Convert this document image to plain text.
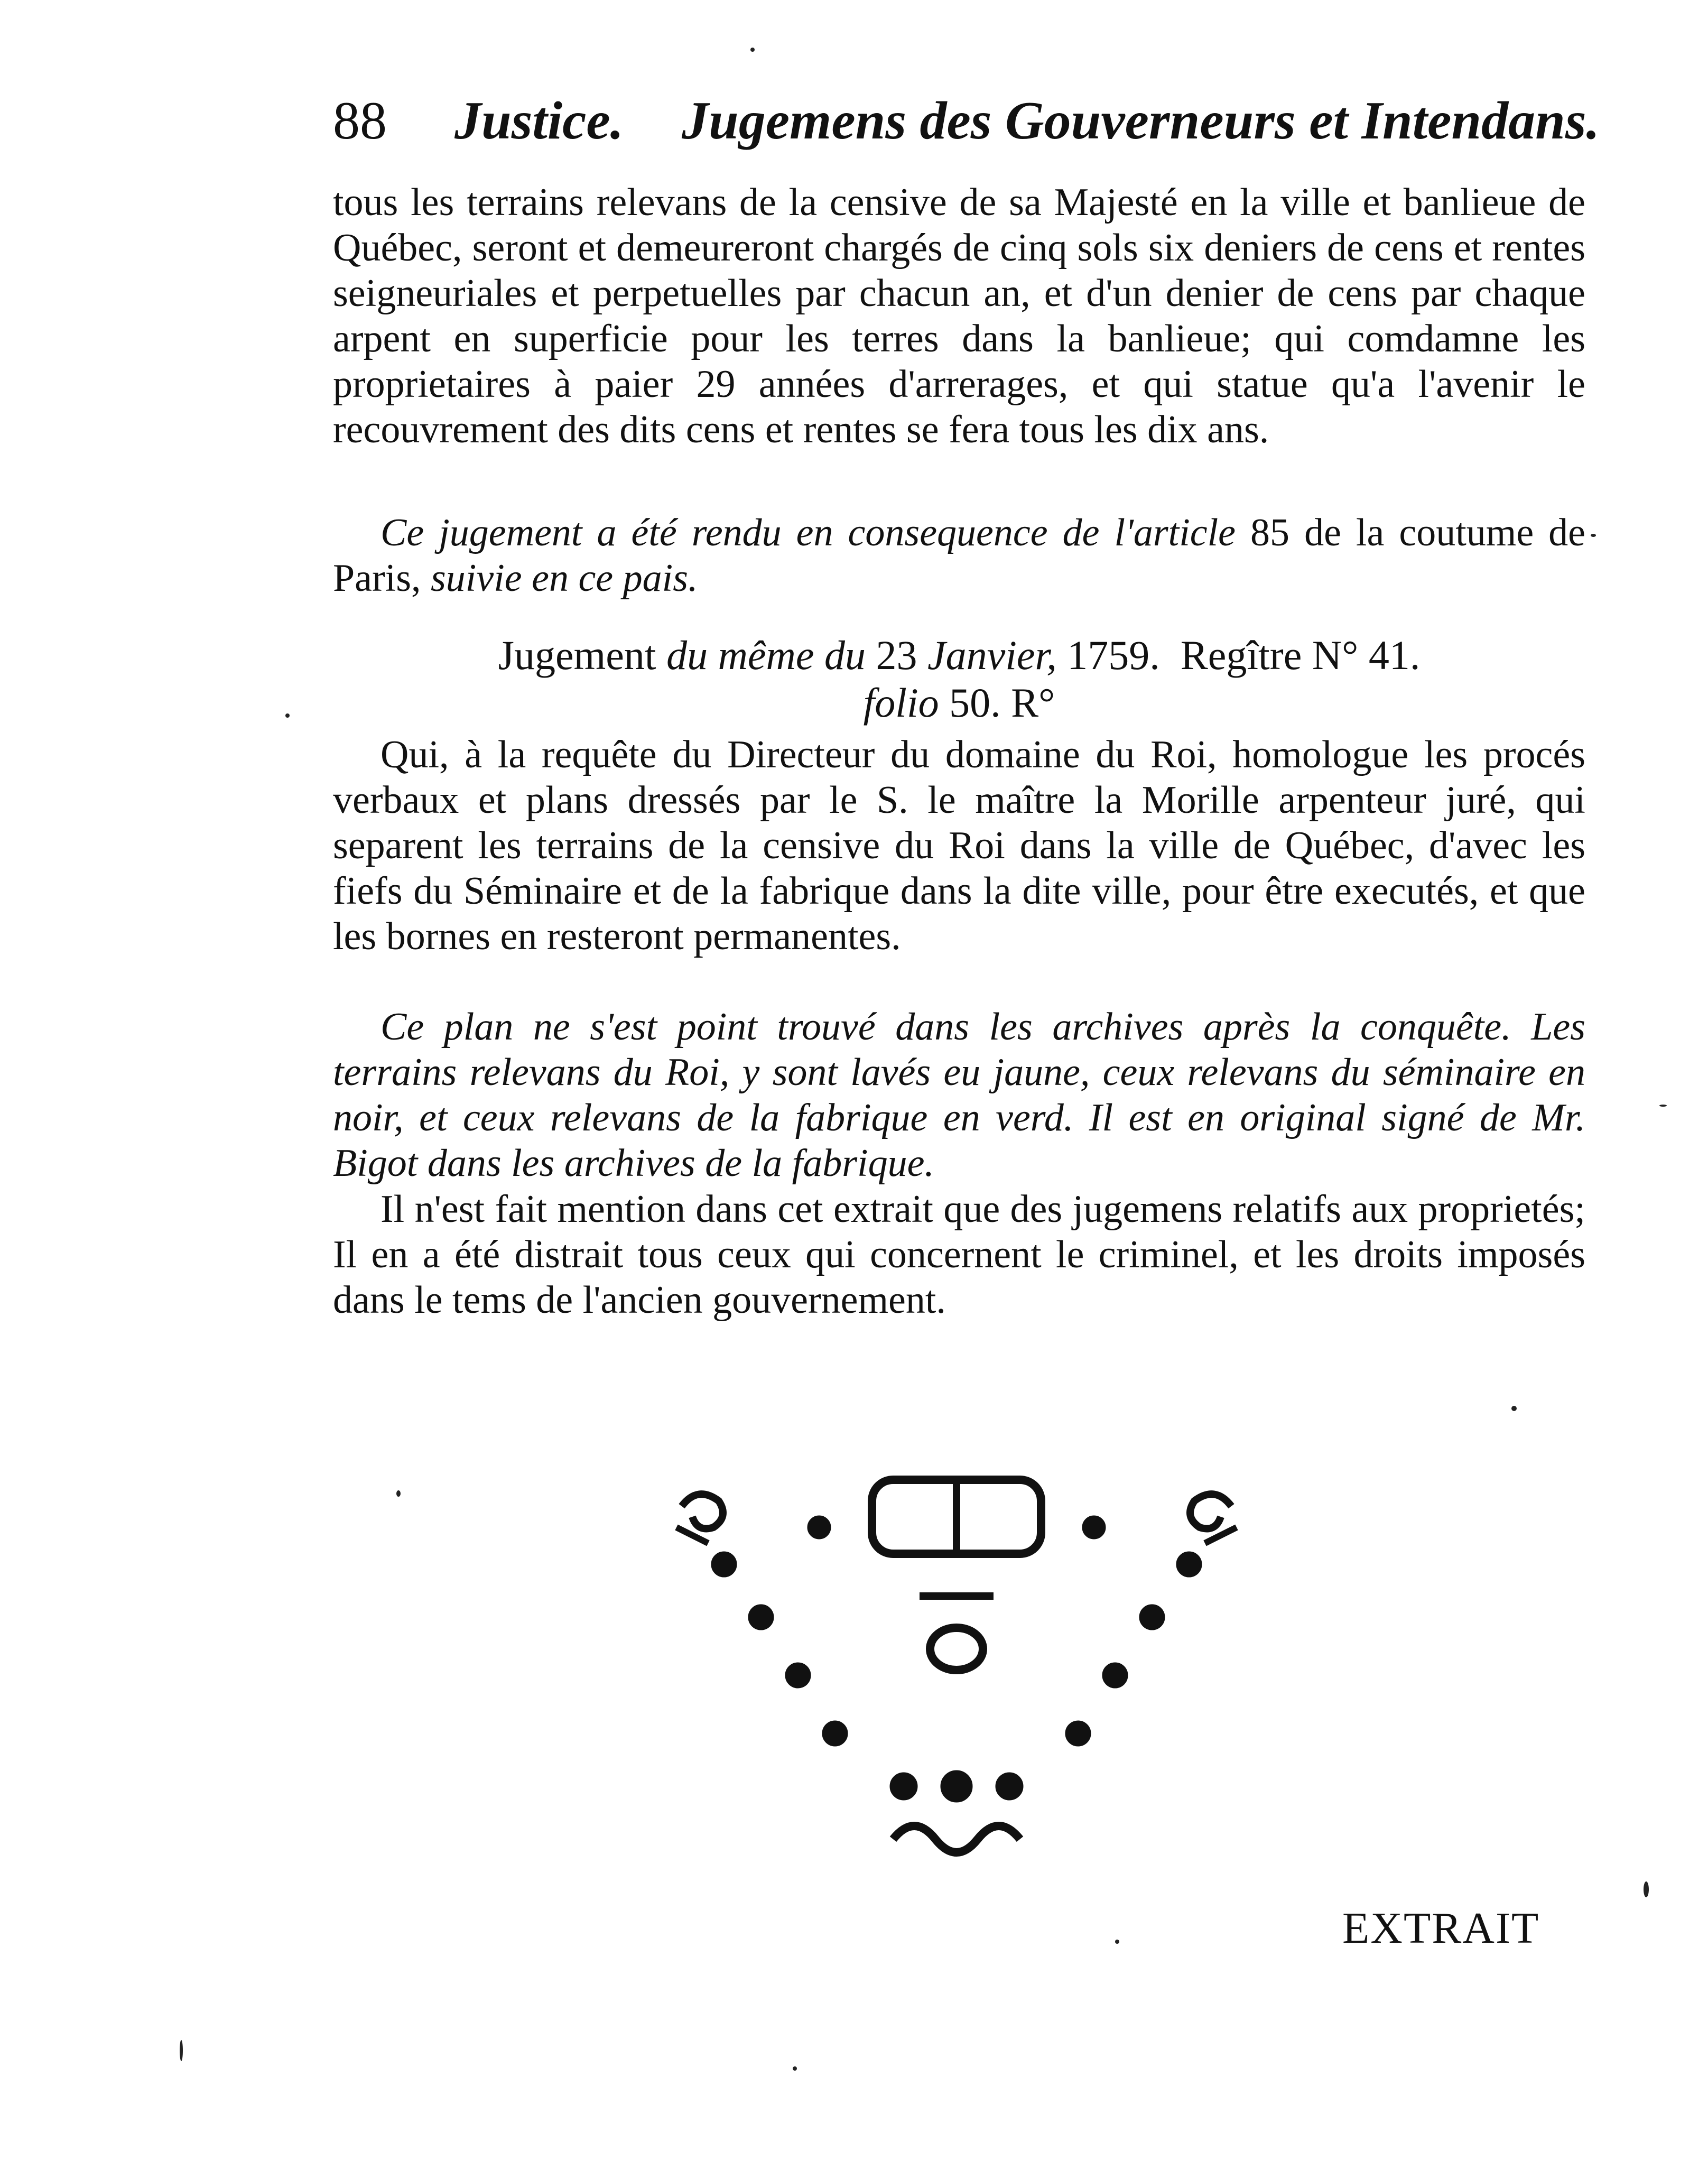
88 Justice. Jugemens des Gouverneurs et Intendans.
tous les terrains relevans de la censive de sa Majesté en la ville et banlieue de Québec, seront et demeureront chargés de cinq sols six deniers de cens et rentes seigneuriales et perpetuelles par chacun an, et d'un denier de cens par chaque arpent en superficie pour les terres dans la banlieue; qui comdamne les proprietaires à paier 29 années d'arrerages, et qui statue qu'a l'avenir le recouvrement des dits cens et rentes se fera tous les dix ans.
Ce jugement a été rendu en consequence de l'article 85 de la coutume de Paris, suivie en ce pais.
Jugement du même du 23 Janvier, 1759. Regître N° 41.
folio 50. R°
Qui, à la requête du Directeur du domaine du Roi, homologue les procés verbaux et plans dressés par le S. le maître la Morille arpenteur juré, qui separent les terrains de la censive du Roi dans la ville de Québec, d'avec les fiefs du Séminaire et de la fabrique dans la dite ville, pour être executés, et que les bornes en resteront permanentes.
Ce plan ne s'est point trouvé dans les archives après la conquête. Les terrains relevans du Roi, y sont lavés eu jaune, ceux relevans du séminaire en noir, et ceux relevans de la fabrique en verd. Il est en original signé de Mr. Bigot dans les archives de la fabrique.
Il n'est fait mention dans cet extrait que des jugemens relatifs aux proprietés; Il en a été distrait tous ceux qui concernent le criminel, et les droits imposés dans le tems de l'ancien gouvernement.
EXTRAIT
